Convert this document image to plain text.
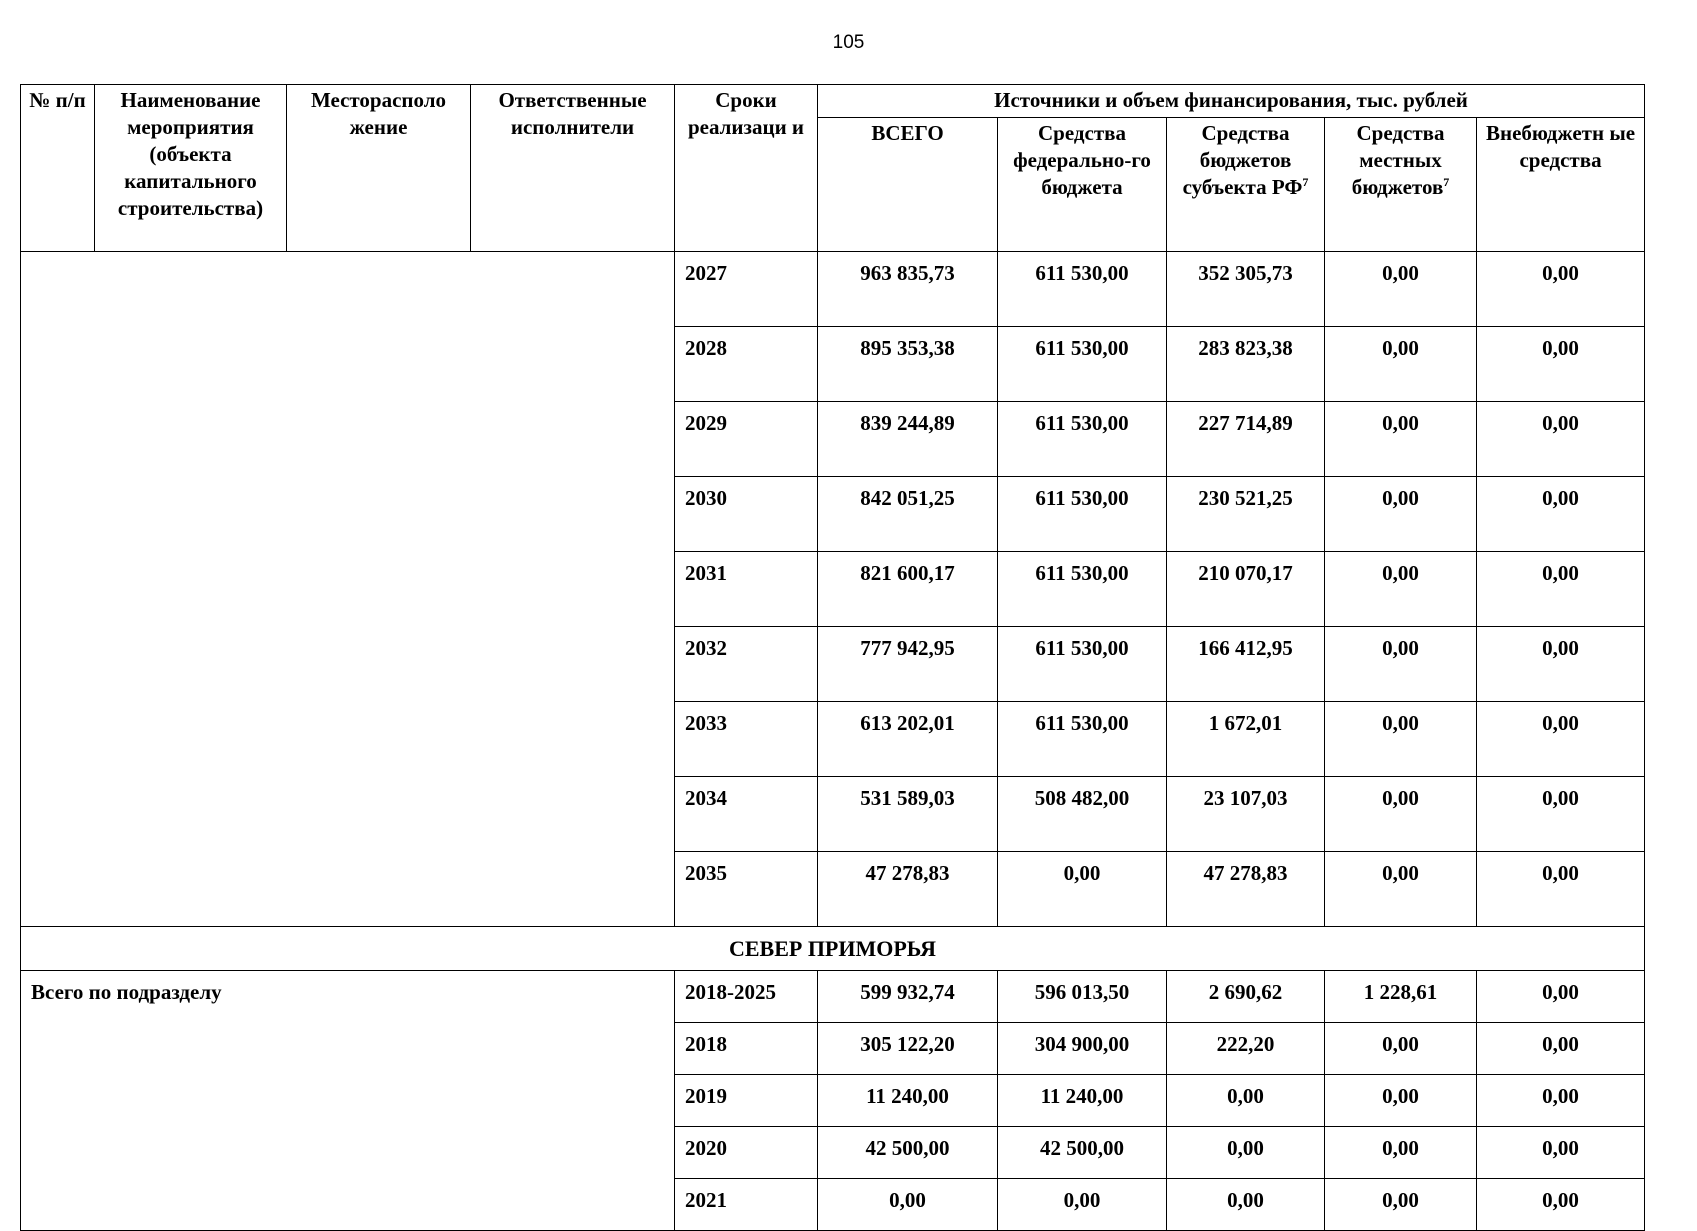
105
№ п/п	Наименование мероприятия (объекта капитального строительства)	Месторасполо жение	Ответственные исполнители	Сроки реализаци и	Источники и объем финансирования, тыс. рублей				
					ВСЕГО	Средства федерально-го бюджета	Средства бюджетов субъекта $РФ^7$	Средства местных бюджетов$^7$	Внебюджетн ые средства
				2027	963 835,73	611 530,00	352 305,73	0,00	0,00
				2028	895 353,38	611 530,00	283 823,38	0,00	0,00
				2029	839 244,89	611 530,00	227 714,89	0,00	0,00
				2030	842 051,25	611 530,00	230 521,25	0,00	0,00
				2031	821 600,17	611 530,00	210 070,17	0,00	0,00
				2032	777 942,95	611 530,00	166 412,95	0,00	0,00
				2033	613 202,01	611 530,00	1 672,01	0,00	0,00
				2034	531 589,03	508 482,00	23 107,03	0,00	0,00
				2035	47 278,83	0,00	47 278,83	0,00	0,00
СЕВЕР ПРИМОРЬЯ									
Всего по подразделу				2018-2025	599 932,74	596 013,50	2 690,62	1 228,61	0,00
				2018	305 122,20	304 900,00	222,20	0,00	0,00
				2019	11 240,00	11 240,00	0,00	0,00	0,00
				2020	42 500,00	42 500,00	0,00	0,00	0,00
				2021	0,00	0,00	0,00	0,00	0,00
